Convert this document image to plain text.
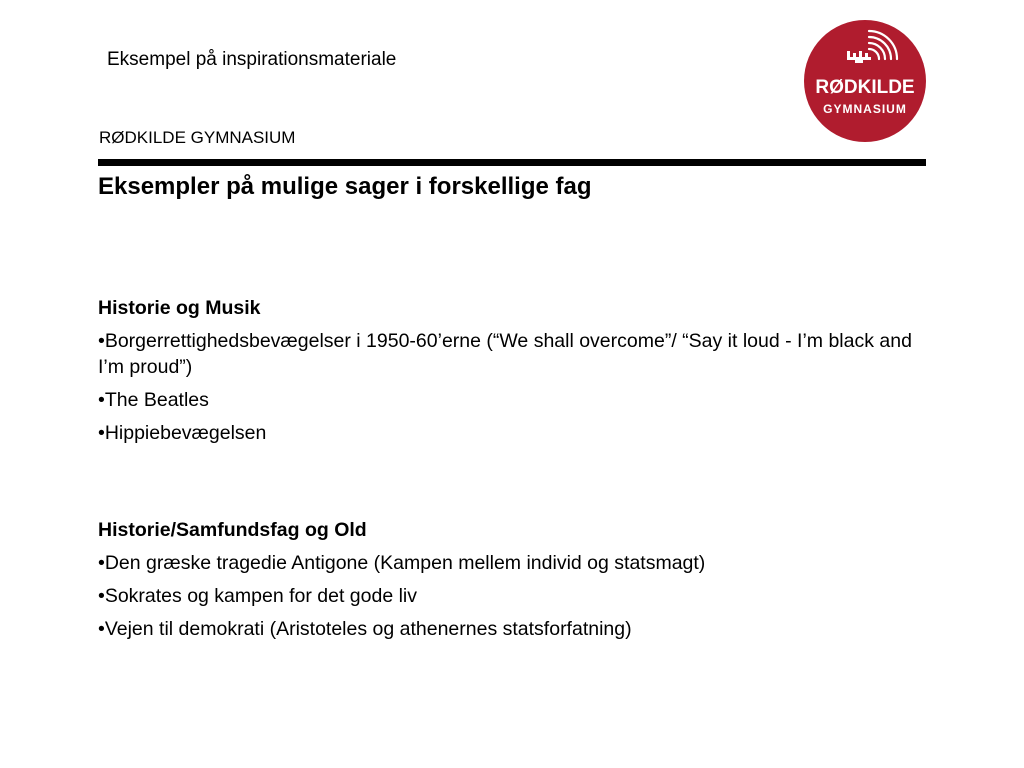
Eksempel på inspirationsmateriale
RØDKILDE GYMNASIUM
Eksempler på mulige sager i forskellige fag
RØDKILDE
GYMNASIUM
Historie og Musik
•Borgerrettighedsbevægelser i 1950-60’erne (“We shall overcome”/ “Say it loud - I’m black and I’m proud”)
•The Beatles
•Hippiebevægelsen
Historie/Samfundsfag og Old
•Den græske tragedie Antigone (Kampen mellem individ og statsmagt)
•Sokrates og kampen for det gode liv
•Vejen til demokrati (Aristoteles og athenernes statsforfatning)
